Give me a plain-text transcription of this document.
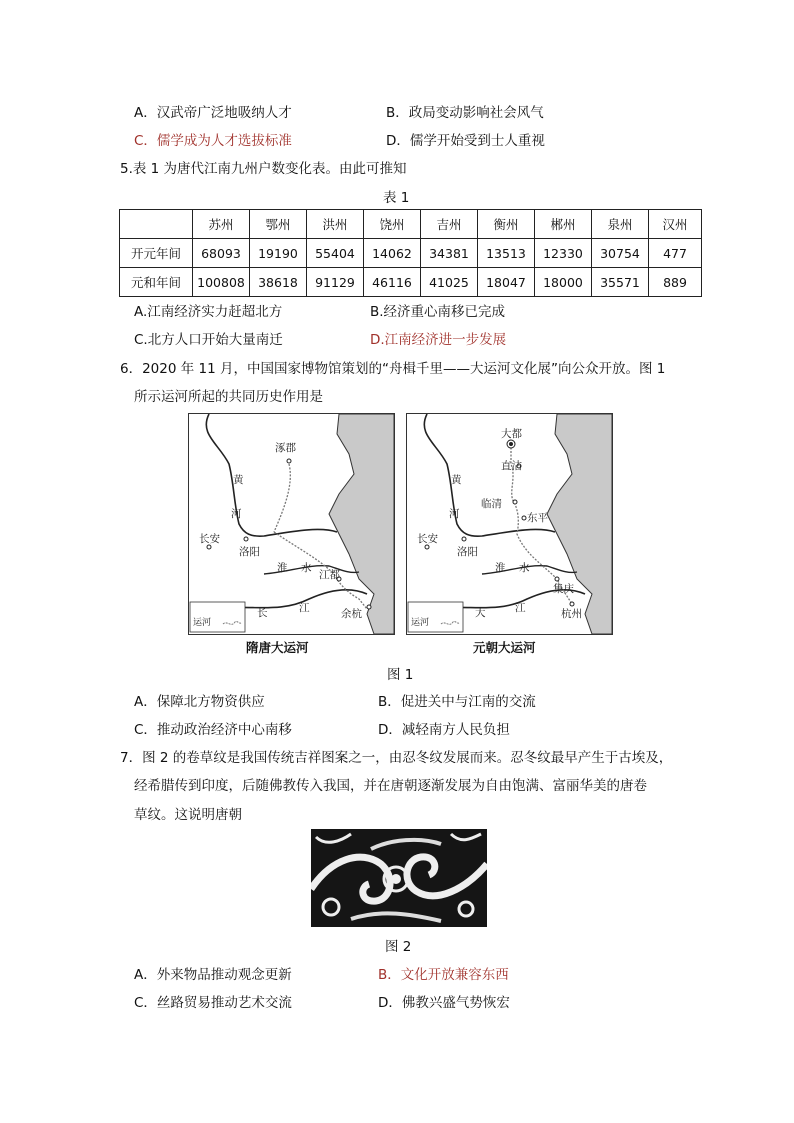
A．汉武帝广泛地吸纳人才	B．政局变动影响社会风气
C．儒学成为人才选拔标准	D．儒学开始受到士人重视
5.表 1 为唐代江南九州户数变化表。由此可推知
表 1
	苏州	鄂州	洪州	饶州	吉州	衡州	郴州	泉州	汉州
开元年间	68093	19190	55404	14062	34381	13513	12330	30754	477
元和年间	100808	38618	91129	46116	41025	18047	18000	35571	889
A.江南经济实力赶超北方	B.经济重心南移已完成
C.北方人口开始大量南迁	D.江南经济进一步发展
6．2020 年 11 月，中国国家博物馆策划的“舟楫千里——大运河文化展”向公众开放。图 1
所示运河所起的共同历史作用是
涿郡
黄
河
长安
洛阳
淮 水
江都
长	江	余杭
运河
大都
直沽
黄
临清
河	东平
长安
洛阳
淮 水
集庆
大	江	杭州
运河
隋唐大运河	元朝大运河
图 1
A．保障北方物资供应	B．促进关中与江南的交流
C．推动政治经济中心南移	D．减轻南方人民负担
7．图 2 的卷草纹是我国传统吉祥图案之一，由忍冬纹发展而来。忍冬纹最早产生于古埃及，
经希腊传到印度，后随佛教传入我国，并在唐朝逐渐发展为自由饱满、富丽华美的唐卷
草纹。这说明唐朝
图 2
A．外来物品推动观念更新	B．文化开放兼容东西
C．丝路贸易推动艺术交流	D．佛教兴盛气势恢宏
